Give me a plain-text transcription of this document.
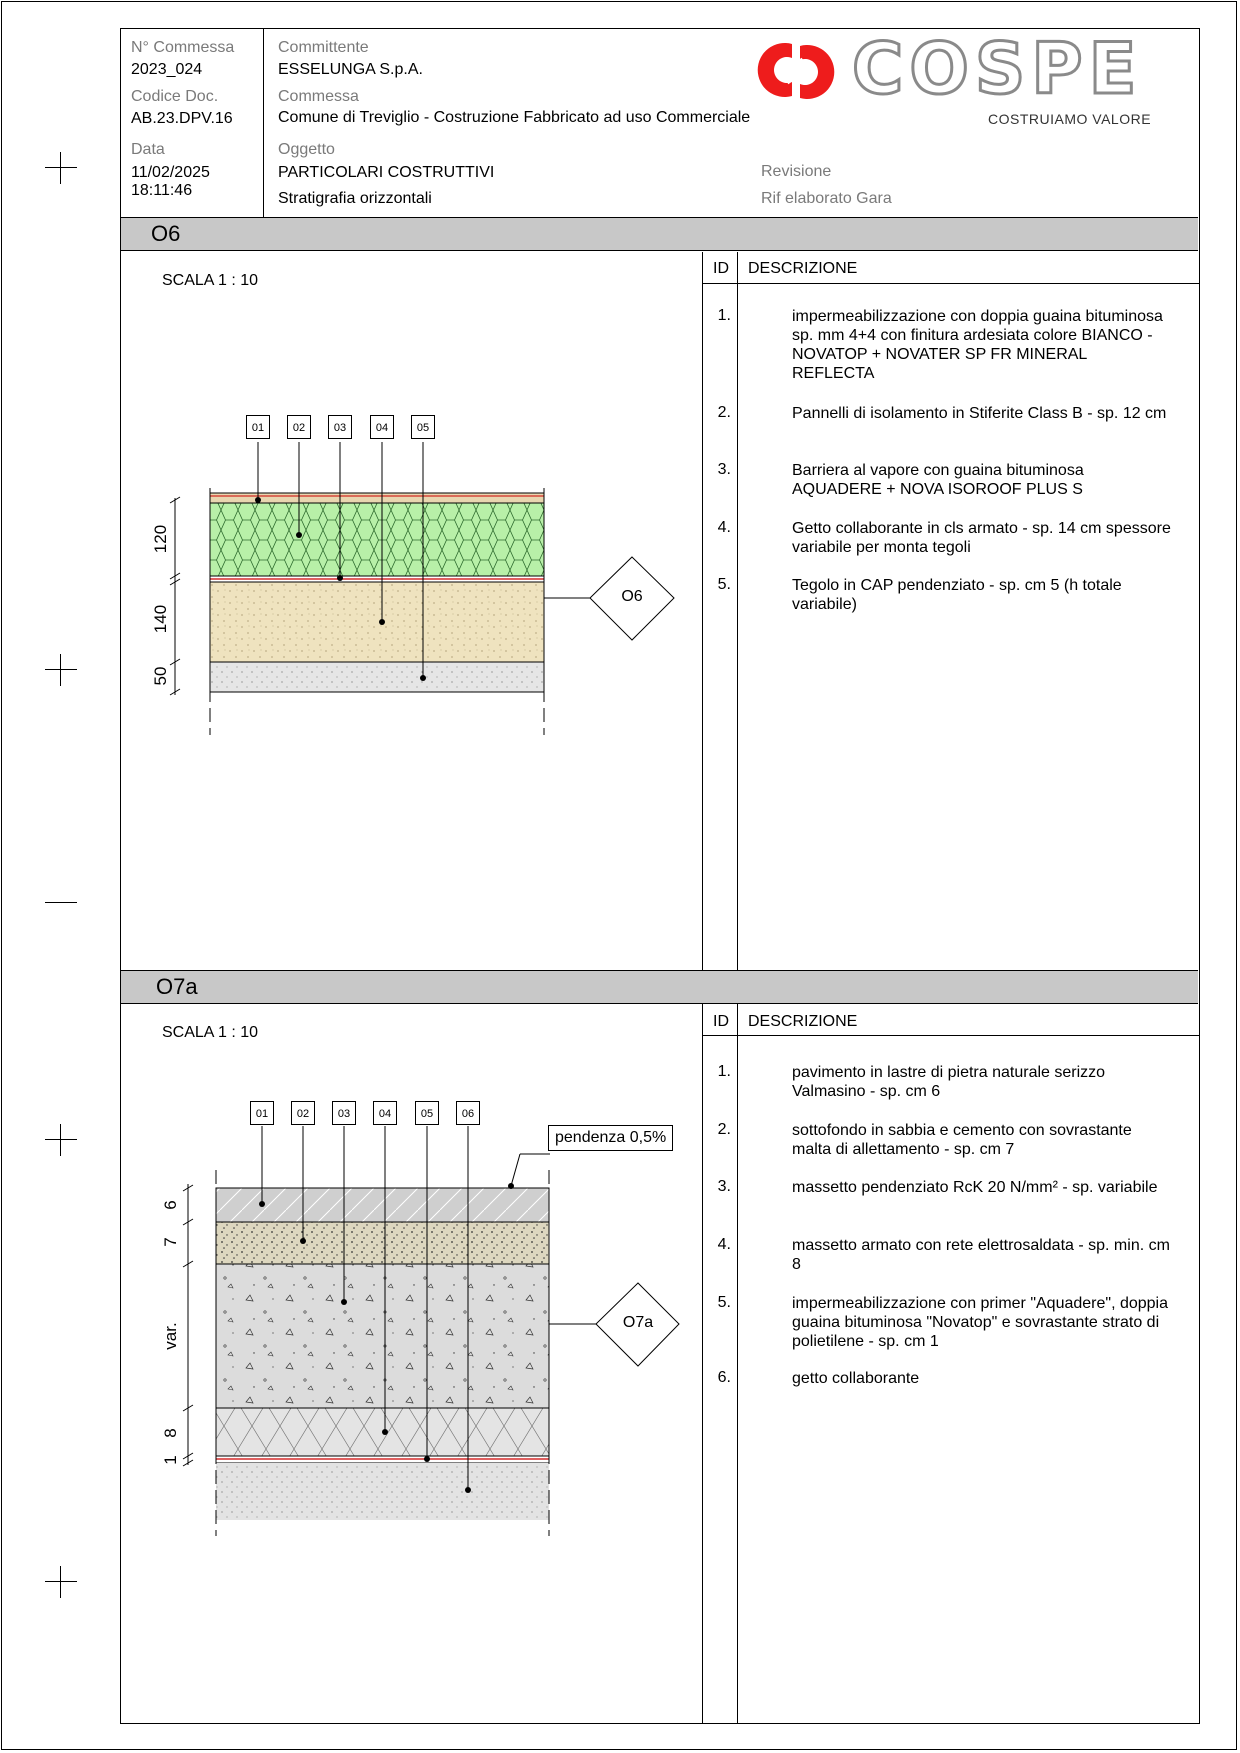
N° Commessa
2023_024
Codice Doc.
AB.23.DPV.16
Data
11/02/2025
18:11:46
Committente
ESSELUNGA S.p.A.
Commessa
Comune di Treviglio - Costruzione Fabbricato ad uso Commerciale
Oggetto
PARTICOLARI COSTRUTTIVI
Stratigrafia orizzontali
Revisione
Rif elaborato Gara
COSPE
COSTRUIAMO VALORE
O6
ID DESCRIZIONE
SCALA 1 : 10
1.	impermeabilizzazione con doppia guaina bituminosa sp. mm 4+4 con finitura ardesiata colore BIANCO - NOVATOP + NOVATER SP FR MINERAL REFLECTA
2.	Pannelli di isolamento in Stiferite Class B - sp. 12 cm
3.	Barriera al vapore con guaina bituminosa AQUADERE + NOVA ISOROOF PLUS S
4.	Getto collaborante in cls armato - sp. 14 cm spessore variabile per monta tegoli
5.	Tegolo in CAP pendenziato - sp. cm 5 (h totale variabile)
01	02	03	04	05
O6
120
140
50
O7a
ID DESCRIZIONE
SCALA 1 : 10
1.	pavimento in lastre di pietra naturale serizzo Valmasino - sp. cm 6
2.	sottofondo in sabbia e cemento con sovrastante malta di allettamento - sp. cm 7
3.	massetto pendenziato RcK 20 N/mm² - sp. variabile
4.	massetto armato con rete elettrosaldata - sp. min. cm 8
5.	impermeabilizzazione con primer "Aquadere", doppia guaina bituminosa "Novatop" e sovrastante strato di polietilene - sp. cm 1
6.	getto collaborante
01	02	03	04	05	06
pendenza 0,5%
O7a
6
7
var.
8
1
